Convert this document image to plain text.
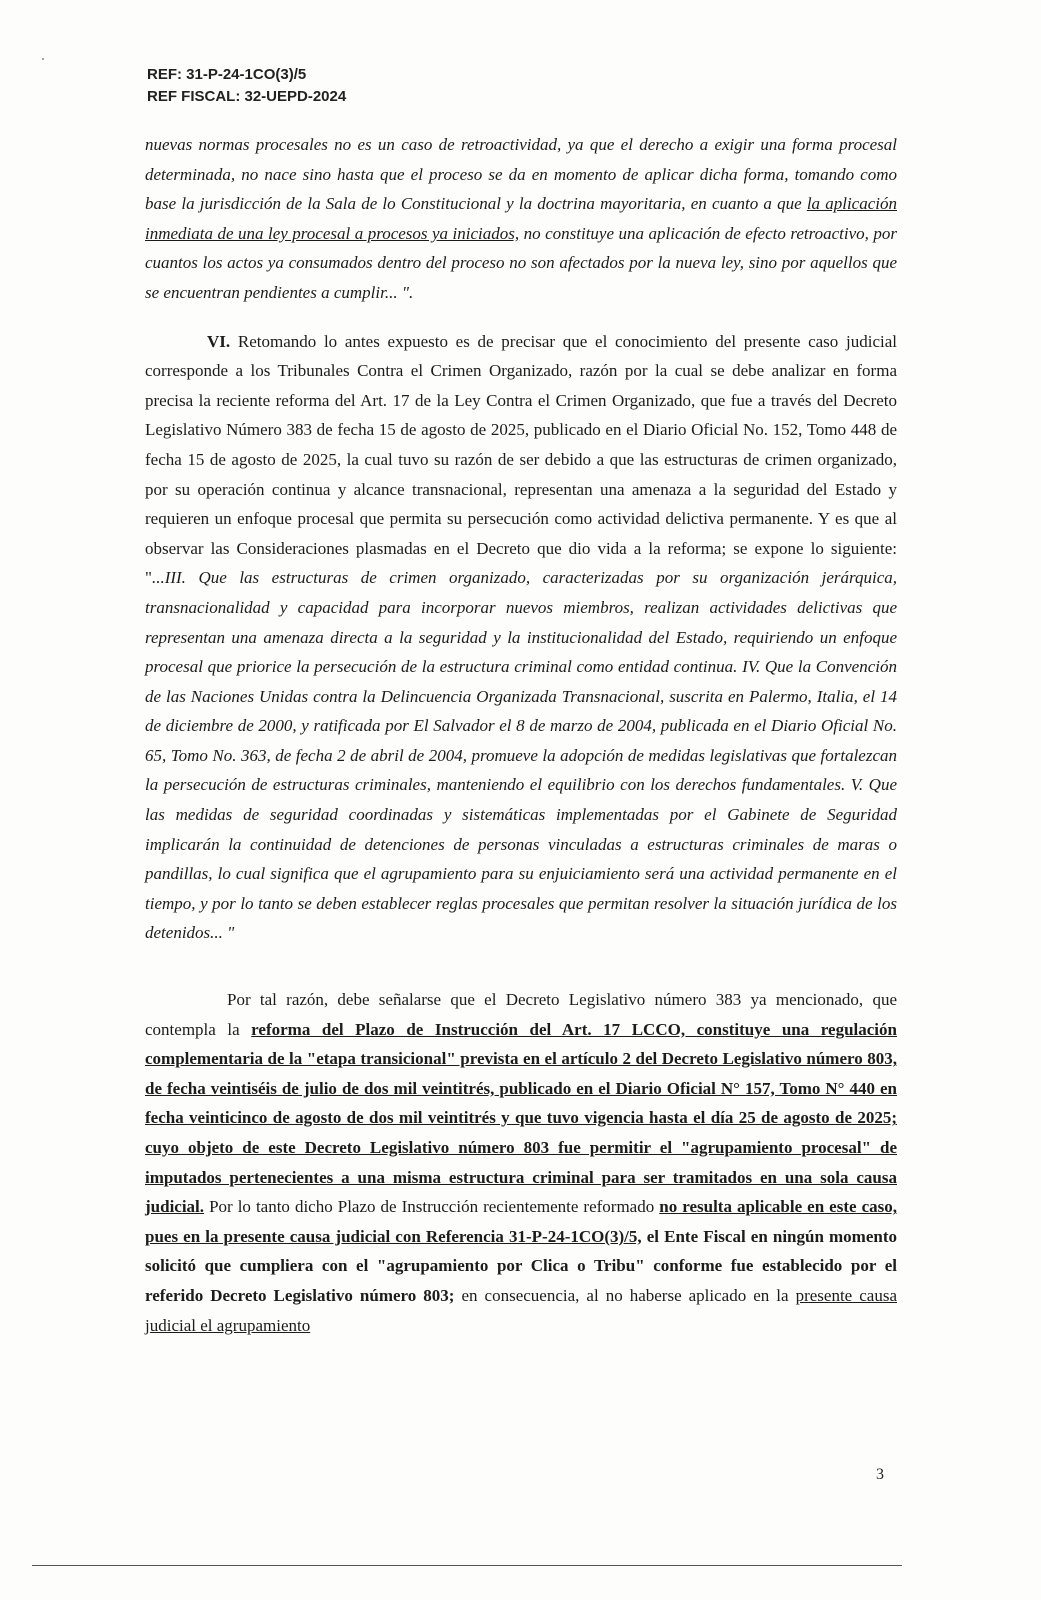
REF: 31-P-24-1CO(3)/5
REF FISCAL: 32-UEPD-2024

nuevas normas procesales no es un caso de retroactividad, ya que el derecho a exigir una forma procesal determinada, no nace sino hasta que el proceso se da en momento de aplicar dicha forma, tomando como base la jurisdicción de la Sala de lo Constitucional y la doctrina mayoritaria, en cuanto a que la aplicación inmediata de una ley procesal a procesos ya iniciados, no constituye una aplicación de efecto retroactivo, por cuantos los actos ya consumados dentro del proceso no son afectados por la nueva ley, sino por aquellos que se encuentran pendientes a cumplir... ".

VI. Retomando lo antes expuesto es de precisar que el conocimiento del presente caso judicial corresponde a los Tribunales Contra el Crimen Organizado, razón por la cual se debe analizar en forma precisa la reciente reforma del Art. 17 de la Ley Contra el Crimen Organizado, que fue a través del Decreto Legislativo Número 383 de fecha 15 de agosto de 2025, publicado en el Diario Oficial No. 152, Tomo 448 de fecha 15 de agosto de 2025, la cual tuvo su razón de ser debido a que las estructuras de crimen organizado, por su operación continua y alcance transnacional, representan una amenaza a la seguridad del Estado y requieren un enfoque procesal que permita su persecución como actividad delictiva permanente. Y es que al observar las Consideraciones plasmadas en el Decreto que dio vida a la reforma; se expone lo siguiente: "...III. Que las estructuras de crimen organizado, caracterizadas por su organización jerárquica, transnacionalidad y capacidad para incorporar nuevos miembros, realizan actividades delictivas que representan una amenaza directa a la seguridad y la institucionalidad del Estado, requiriendo un enfoque procesal que priorice la persecución de la estructura criminal como entidad continua. IV. Que la Convención de las Naciones Unidas contra la Delincuencia Organizada Transnacional, suscrita en Palermo, Italia, el 14 de diciembre de 2000, y ratificada por El Salvador el 8 de marzo de 2004, publicada en el Diario Oficial No. 65, Tomo No. 363, de fecha 2 de abril de 2004, promueve la adopción de medidas legislativas que fortalezcan la persecución de estructuras criminales, manteniendo el equilibrio con los derechos fundamentales. V. Que las medidas de seguridad coordinadas y sistemáticas implementadas por el Gabinete de Seguridad implicarán la continuidad de detenciones de personas vinculadas a estructuras criminales de maras o pandillas, lo cual significa que el agrupamiento para su enjuiciamiento será una actividad permanente en el tiempo, y por lo tanto se deben establecer reglas procesales que permitan resolver la situación jurídica de los detenidos... "

Por tal razón, debe señalarse que el Decreto Legislativo número 383 ya mencionado, que contempla la reforma del Plazo de Instrucción del Art. 17 LCCO, constituye una regulación complementaria de la "etapa transicional" prevista en el artículo 2 del Decreto Legislativo número 803, de fecha veintiséis de julio de dos mil veintitrés, publicado en el Diario Oficial N° 157, Tomo N° 440 en fecha veinticinco de agosto de dos mil veintitrés y que tuvo vigencia hasta el día 25 de agosto de 2025; cuyo objeto de este Decreto Legislativo número 803 fue permitir el "agrupamiento procesal" de imputados pertenecientes a una misma estructura criminal para ser tramitados en una sola causa judicial. Por lo tanto dicho Plazo de Instrucción recientemente reformado no resulta aplicable en este caso, pues en la presente causa judicial con Referencia 31-P-24-1CO(3)/5, el Ente Fiscal en ningún momento solicitó que cumpliera con el "agrupamiento por Clica o Tribu" conforme fue establecido por el referido Decreto Legislativo número 803; en consecuencia, al no haberse aplicado en la presente causa judicial el agrupamiento

3
